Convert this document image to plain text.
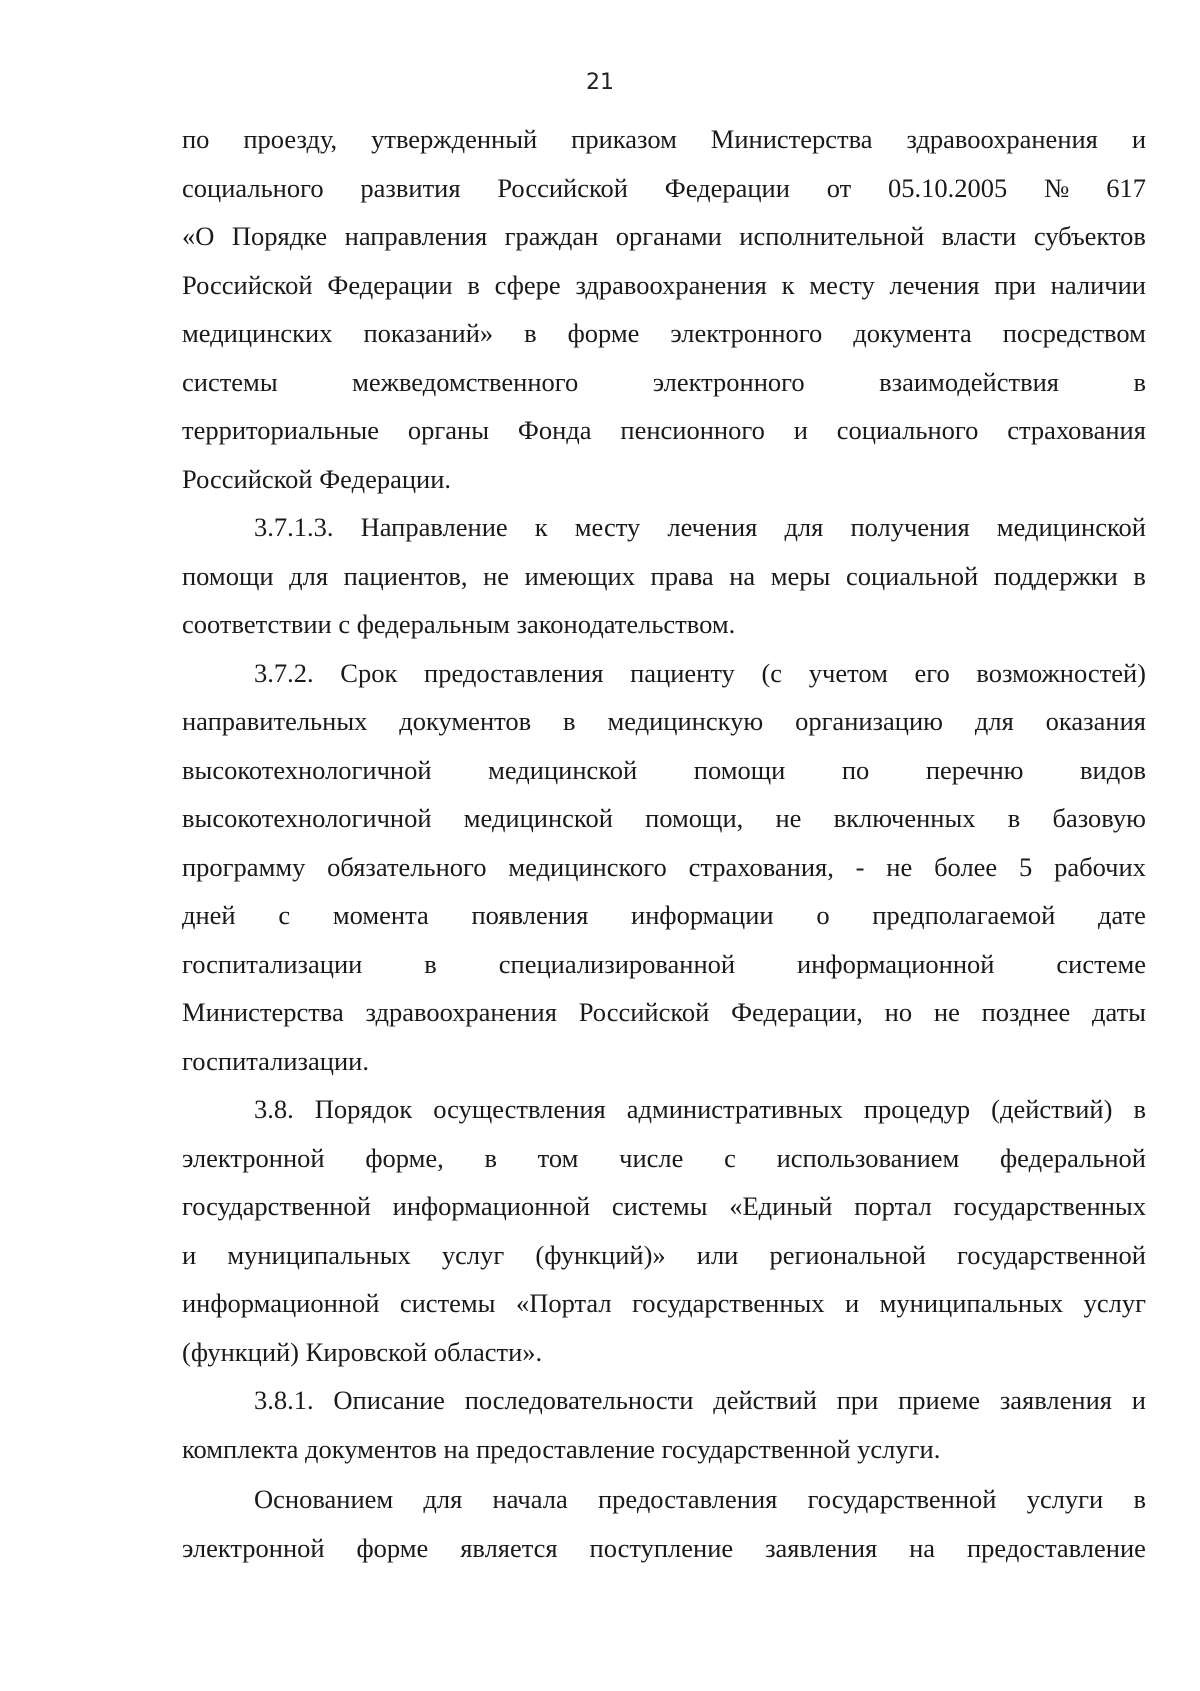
21
по проезду, утвержденный приказом Министерства здравоохранения и
социального развития Российской Федерации от 05.10.2005 № 617
«О Порядке направления граждан органами исполнительной власти субъектов
Российской Федерации в сфере здравоохранения к месту лечения при наличии
медицинских показаний» в форме электронного документа посредством
системы	межведомственного	электронного	взаимодействия	в
территориальные органы Фонда пенсионного и социального страхования
Российской
Федерации.
3.7.1.3. Направление к месту лечения для получения медицинской
помощи для пациентов, не имеющих права на меры социальной поддержки в
соответствии
с
федеральным
законодательством.
3.7.2. Срок предоставления пациенту (с учетом его возможностей)
направительных документов в медицинскую организацию для оказания
высокотехнологичной медицинской помощи по перечню видов
высокотехнологичной медицинской помощи, не включенных в базовую
программу обязательного медицинского страхования, - не более 5 рабочих
дней с момента появления информации о предполагаемой дате
госпитализации в специализированной информационной системе
Министерства здравоохранения Российской Федерации, но не позднее даты
госпитализации.
3.8. Порядок осуществления административных процедур (действий) в
электронной форме, в том числе с использованием федеральной
государственной информационной системы «Единый портал государственных
и муниципальных услуг (функций)» или региональной государственной
информационной системы «Портал государственных и муниципальных услуг
(функций)
Кировской
области».
3.8.1. Описание последовательности действий при приеме заявления и
комплекта
документов
на
предоставление
государственной
услуги.
Основанием для начала предоставления государственной услуги в
электронной форме является поступление заявления на предоставление
